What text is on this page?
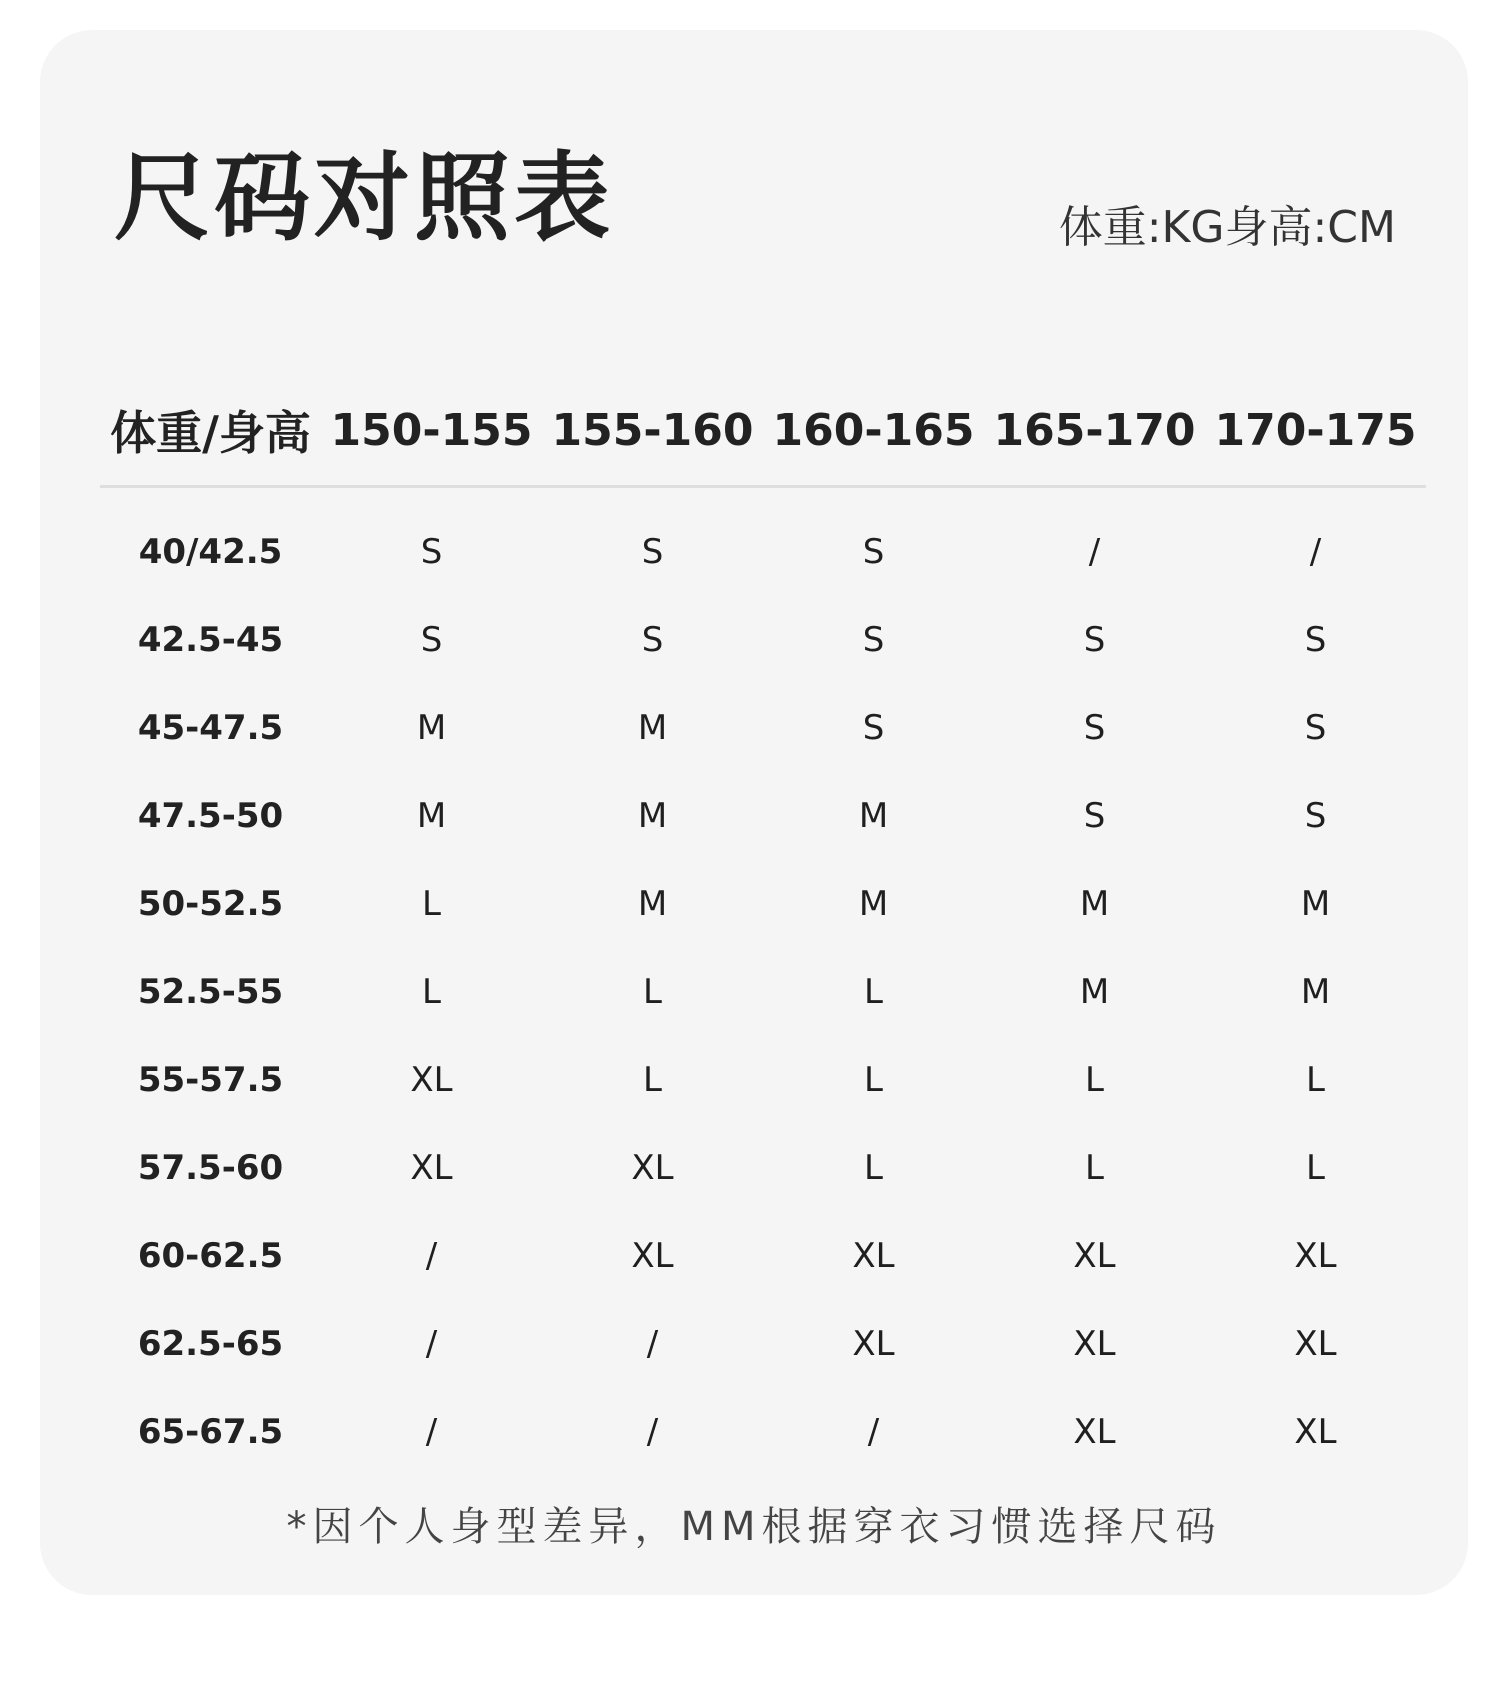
尺码对照表	体重:KG身高:CM
体重/身高	150-155	155-160	160-165	165-170	170-175
40/42.5	S	S	S	/	/
42.5-45	S	S	S	S	S
45-47.5	M	M	S	S	S
47.5-50	M	M	M	S	S
50-52.5	L	M	M	M	M
52.5-55	L	L	L	M	M
55-57.5	XL	L	L	L	L
57.5-60	XL	XL	L	L	L
60-62.5	/	XL	XL	XL	XL
62.5-65	/	/	XL	XL	XL
65-67.5	/	/	/	XL	XL
*因个人身型差异，MM根据穿衣习惯选择尺码
